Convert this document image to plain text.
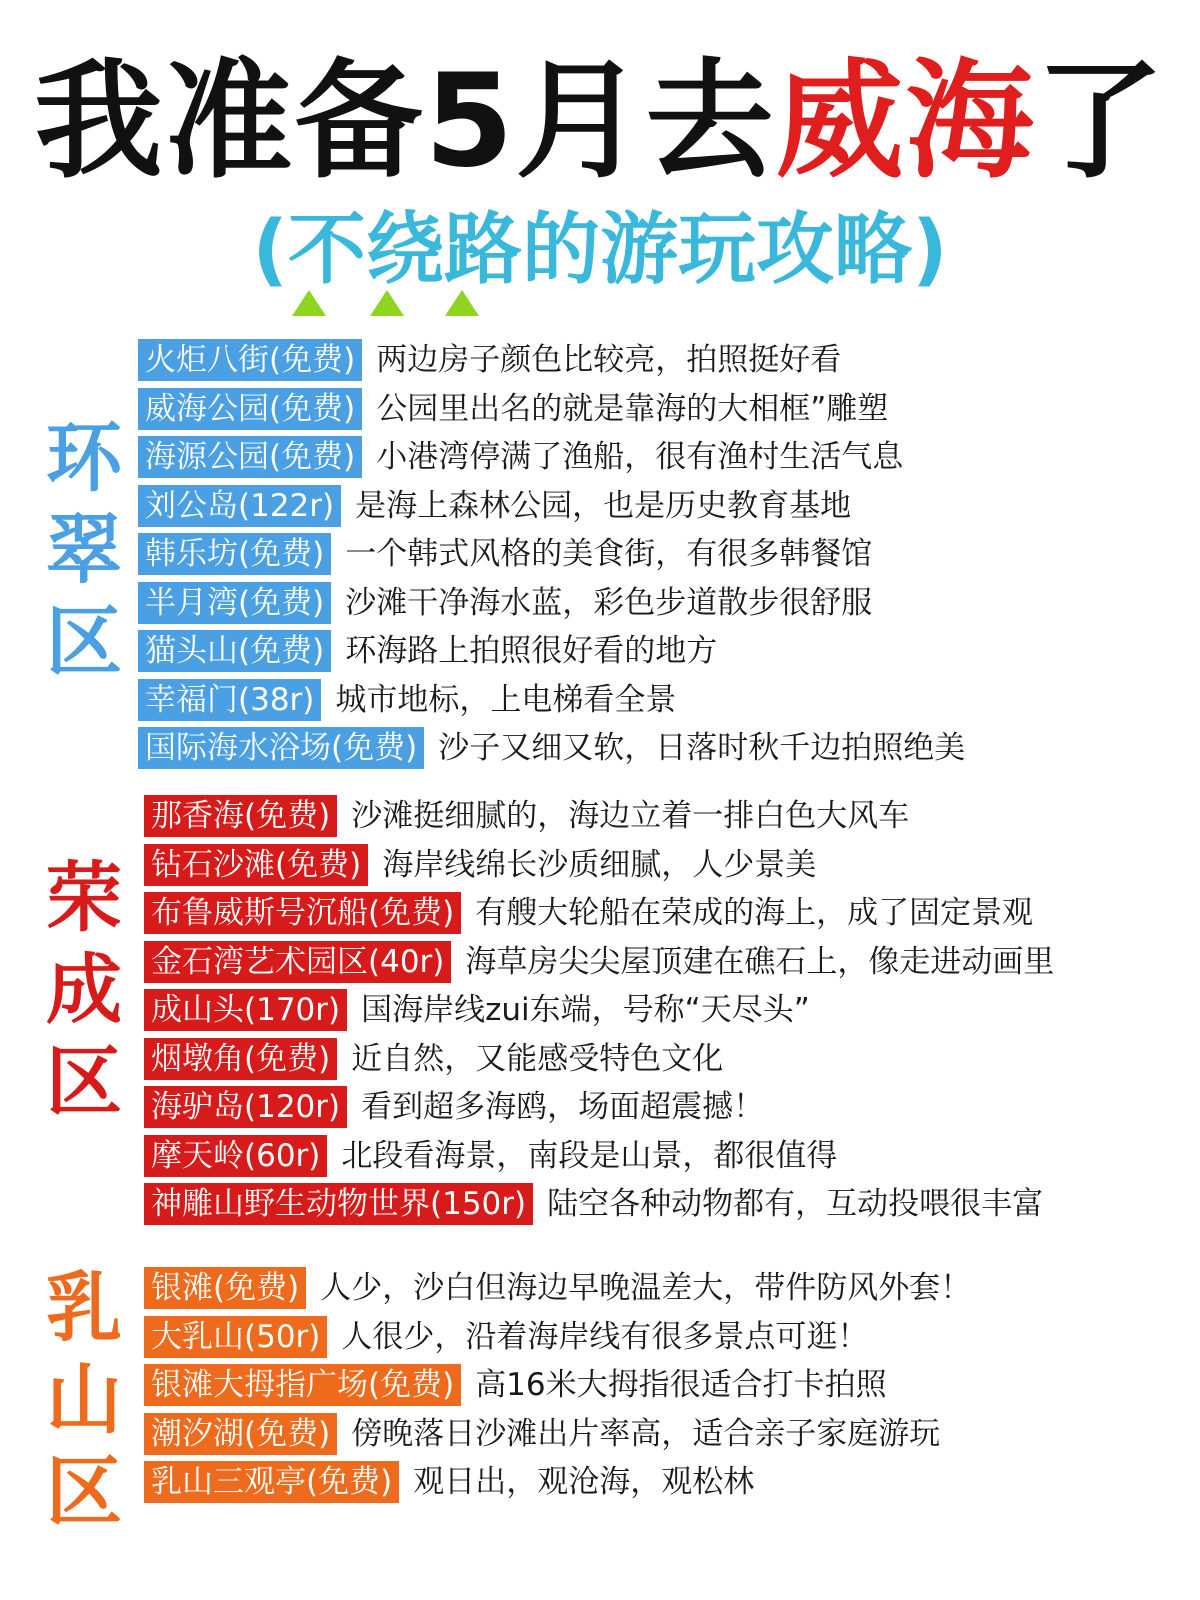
我准备5月去威海了
(不绕路的游玩攻略)
环
翠
区
火炬八街(免费) 两边房子颜色比较亮，拍照挺好看
威海公园(免费) 公园里出名的就是靠海的大相框”雕塑
海源公园(免费) 小港湾停满了渔船，很有渔村生活气息
刘公岛(122r) 是海上森林公园，也是历史教育基地
韩乐坊(免费) 一个韩式风格的美食街，有很多韩餐馆
半月湾(免费) 沙滩干净海水蓝，彩色步道散步很舒服
猫头山(免费) 环海路上拍照很好看的地方
幸福门(38r) 城市地标，上电梯看全景
国际海水浴场(免费) 沙子又细又软，日落时秋千边拍照绝美
荣
成
区
那香海(免费) 沙滩挺细腻的，海边立着一排白色大风车
钻石沙滩(免费) 海岸线绵长沙质细腻，人少景美
布鲁威斯号沉船(免费) 有艘大轮船在荣成的海上，成了固定景观
金石湾艺术园区(40r) 海草房尖尖屋顶建在礁石上，像走进动画里
成山头(170r) 国海岸线zui东端，号称“天尽头”
烟墩角(免费) 近自然，又能感受特色文化
海驴岛(120r) 看到超多海鸥，场面超震撼！
摩天岭(60r) 北段看海景，南段是山景，都很值得
神雕山野生动物世界(150r) 陆空各种动物都有，互动投喂很丰富
乳
山
区
银滩(免费) 人少，沙白但海边早晚温差大，带件防风外套！
大乳山(50r) 人很少，沿着海岸线有很多景点可逛！
银滩大拇指广场(免费) 高16米大拇指很适合打卡拍照
潮汐湖(免费) 傍晚落日沙滩出片率高，适合亲子家庭游玩
乳山三观亭(免费) 观日出，观沧海，观松林
